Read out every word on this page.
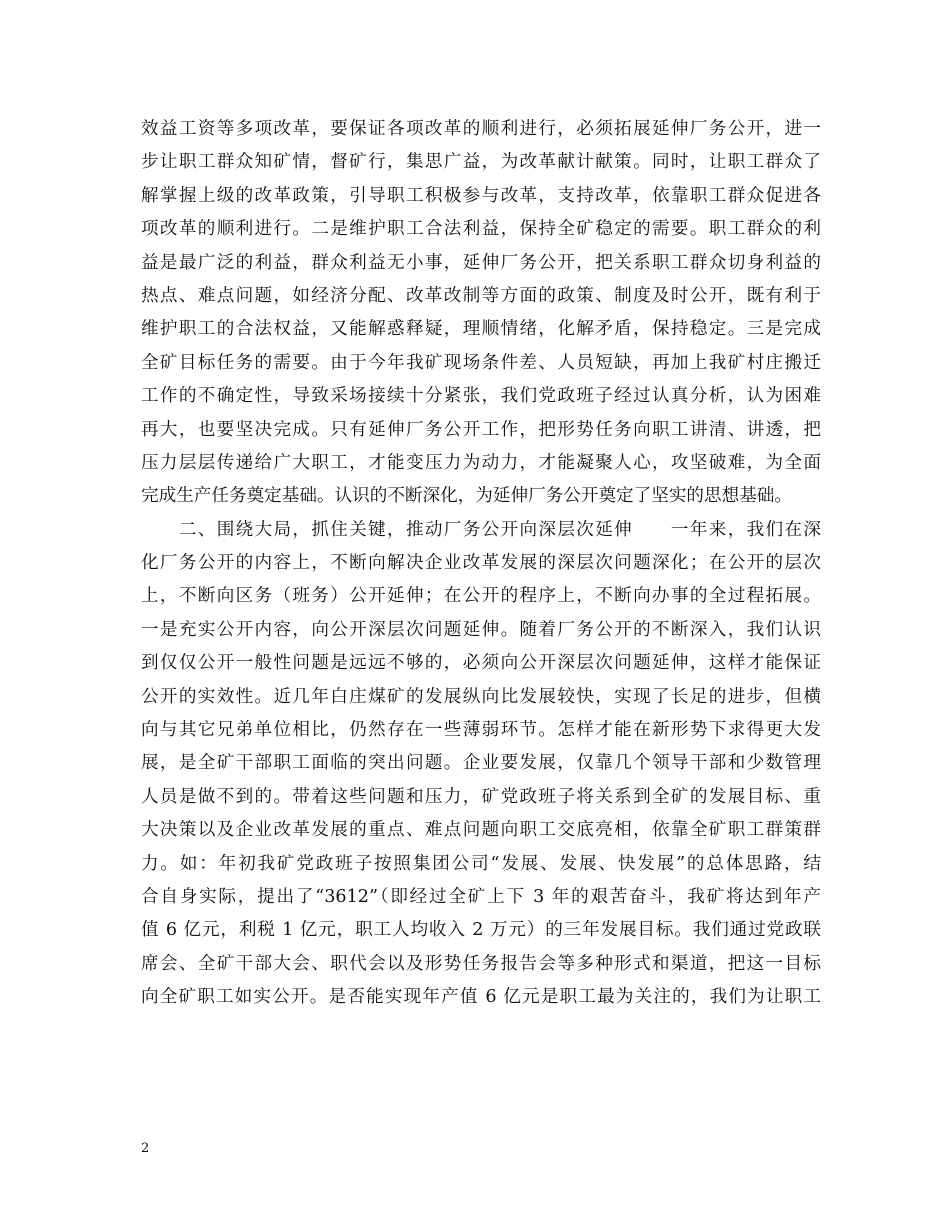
效益工资等多项改革，要保证各项改革的顺利进行，必须拓展延伸厂务公开，进一
步让职工群众知矿情，督矿行，集思广益，为改革献计献策。同时，让职工群众了
解掌握上级的改革政策，引导职工积极参与改革，支持改革，依靠职工群众促进各
项改革的顺利进行。二是维护职工合法利益，保持全矿稳定的需要。职工群众的利
益是最广泛的利益，群众利益无小事，延伸厂务公开，把关系职工群众切身利益的
热点、难点问题，如经济分配、改革改制等方面的政策、制度及时公开，既有利于
维护职工的合法权益，又能解惑释疑，理顺情绪，化解矛盾，保持稳定。三是完成
全矿目标任务的需要。由于今年我矿现场条件差、人员短缺，再加上我矿村庄搬迁
工作的不确定性，导致采场接续十分紧张，我们党政班子经过认真分析，认为困难
再大，也要坚决完成。只有延伸厂务公开工作，把形势任务向职工讲清、讲透，把
压力层层传递给广大职工，才能变压力为动力，才能凝聚人心，攻坚破难，为全面
完成生产任务奠定基础。认识的不断深化，为延伸厂务公开奠定了坚实的思想基础。
　　二、围绕大局，抓住关键，推动厂务公开向深层次延伸　　一年来，我们在深
化厂务公开的内容上，不断向解决企业改革发展的深层次问题深化；在公开的层次
上，不断向区务（班务）公开延伸；在公开的程序上，不断向办事的全过程拓展。
一是充实公开内容，向公开深层次问题延伸。随着厂务公开的不断深入，我们认识
到仅仅公开一般性问题是远远不够的，必须向公开深层次问题延伸，这样才能保证
公开的实效性。近几年白庄煤矿的发展纵向比发展较快，实现了长足的进步，但横
向与其它兄弟单位相比，仍然存在一些薄弱环节。怎样才能在新形势下求得更大发
展，是全矿干部职工面临的突出问题。企业要发展，仅靠几个领导干部和少数管理
人员是做不到的。带着这些问题和压力，矿党政班子将关系到全矿的发展目标、重
大决策以及企业改革发展的重点、难点问题向职工交底亮相，依靠全矿职工群策群
力。如：年初我矿党政班子按照集团公司“发展、发展、快发展”的总体思路，结
合自身实际，提出了“3612”（即经过全矿上下 3 年的艰苦奋斗，我矿将达到年产
值 6 亿元，利税 1 亿元，职工人均收入 2 万元）的三年发展目标。我们通过党政联
席会、全矿干部大会、职代会以及形势任务报告会等多种形式和渠道，把这一目标
向全矿职工如实公开。是否能实现年产值 6 亿元是职工最为关注的，我们为让职工
2
